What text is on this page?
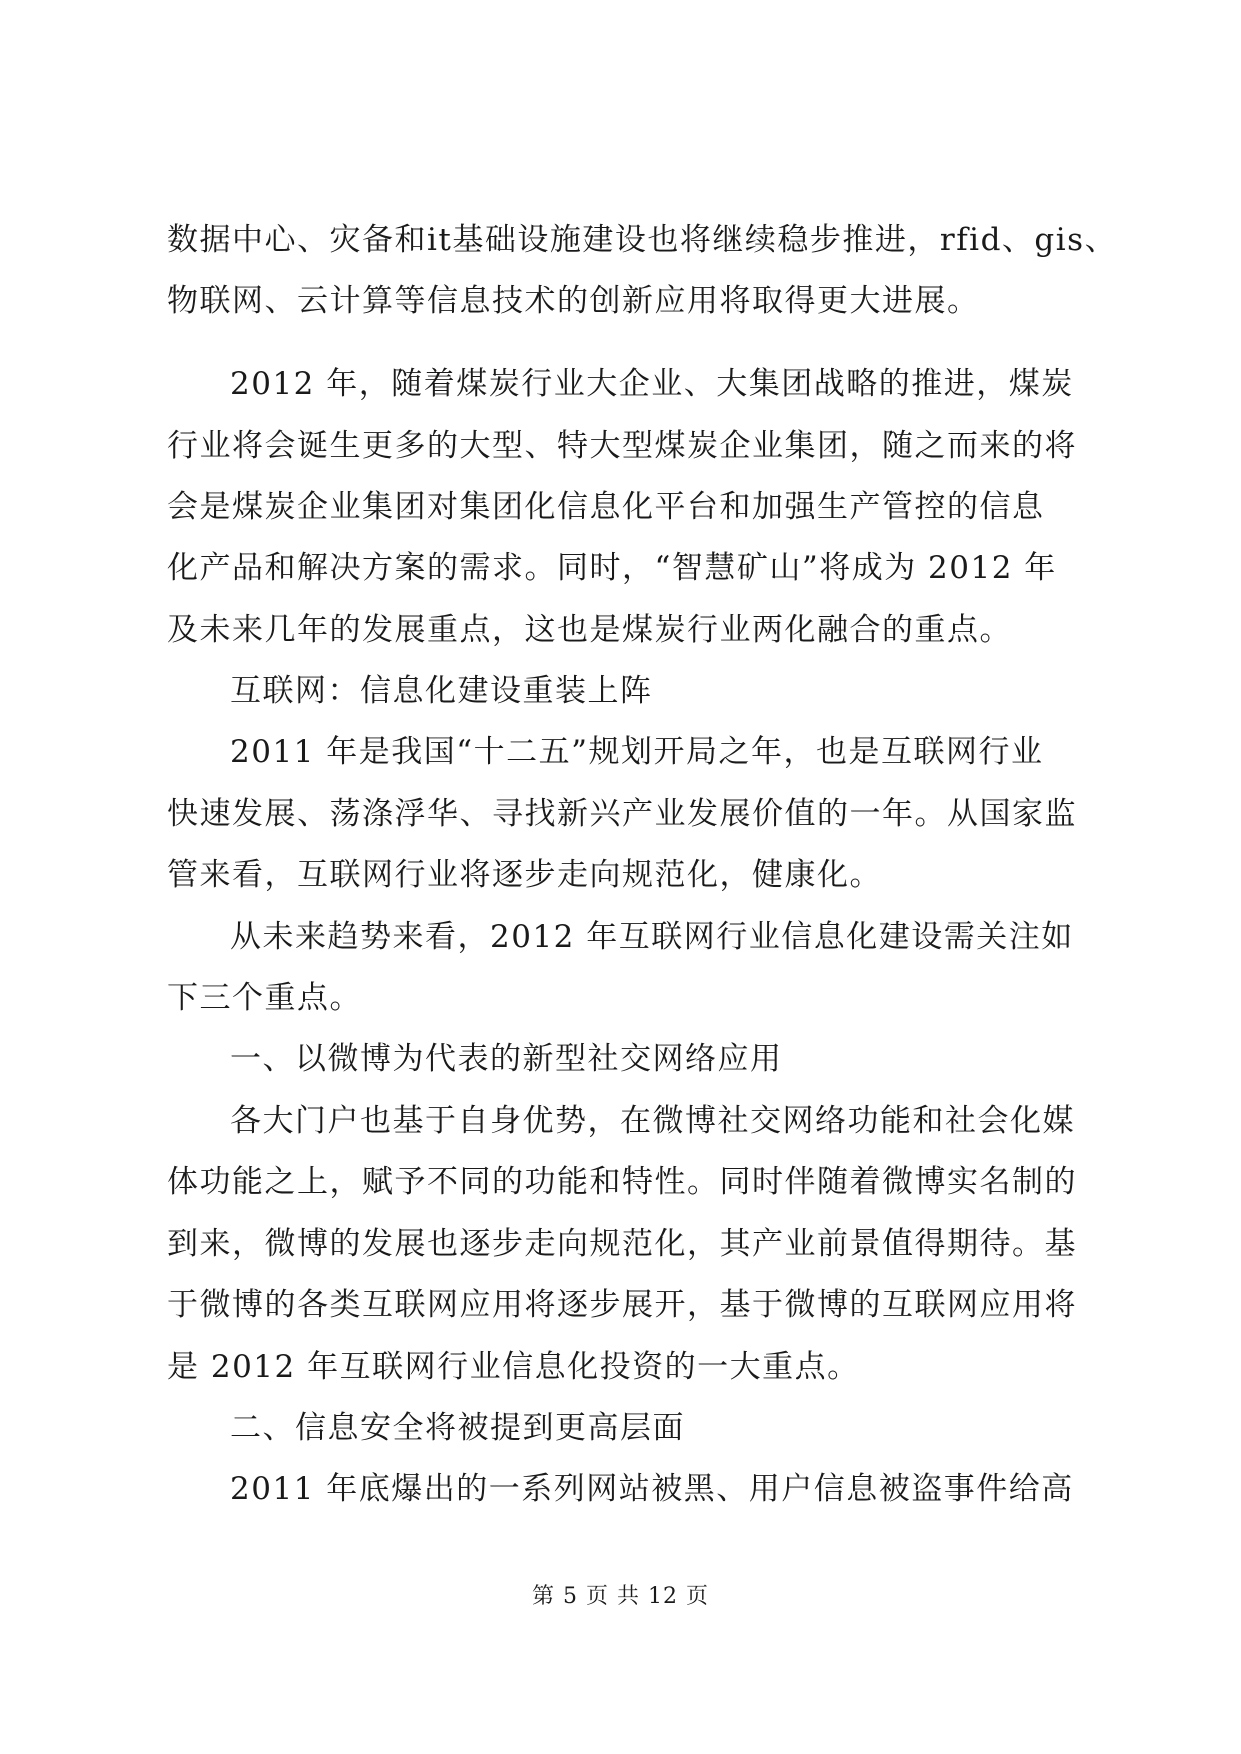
数据中心、灾备和it基础设施建设也将继续稳步推进，rfid、gis、
物联网、云计算等信息技术的创新应用将取得更大进展。
2012 年，随着煤炭行业大企业、大集团战略的推进，煤炭
行业将会诞生更多的大型、特大型煤炭企业集团，随之而来的将
会是煤炭企业集团对集团化信息化平台和加强生产管控的信息
化产品和解决方案的需求。同时，“智慧矿山”将成为 2012 年
及未来几年的发展重点，这也是煤炭行业两化融合的重点。
互联网：信息化建设重装上阵
2011 年是我国“十二五”规划开局之年，也是互联网行业
快速发展、荡涤浮华、寻找新兴产业发展价值的一年。从国家监
管来看，互联网行业将逐步走向规范化，健康化。
从未来趋势来看，2012 年互联网行业信息化建设需关注如
下三个重点。
一、以微博为代表的新型社交网络应用
各大门户也基于自身优势，在微博社交网络功能和社会化媒
体功能之上，赋予不同的功能和特性。同时伴随着微博实名制的
到来，微博的发展也逐步走向规范化，其产业前景值得期待。基
于微博的各类互联网应用将逐步展开，基于微博的互联网应用将
是 2012 年互联网行业信息化投资的一大重点。
二、信息安全将被提到更高层面
2011 年底爆出的一系列网站被黑、用户信息被盗事件给高
第 5 页 共 12 页
